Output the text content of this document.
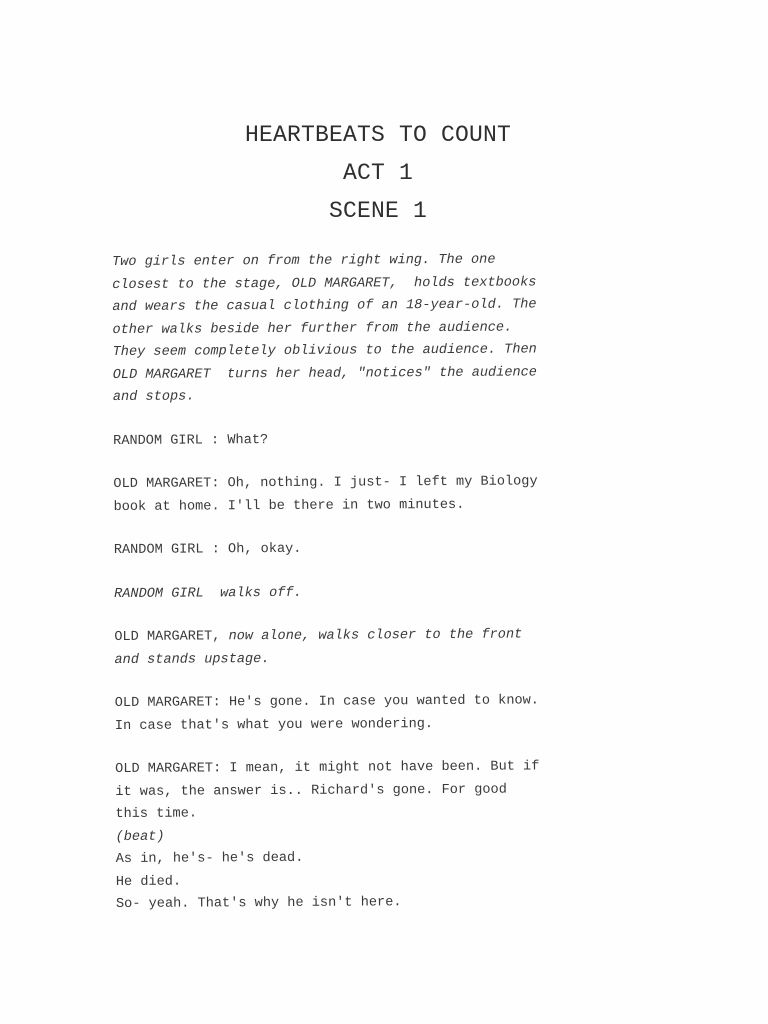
HEARTBEATS TO COUNT
ACT 1
SCENE 1
Two girls enter on from the right wing. The one
closest to the stage, OLD MARGARET,  holds textbooks
and wears the casual clothing of an 18-year-old. The
other walks beside her further from the audience.
They seem completely oblivious to the audience. Then
OLD MARGARET  turns her head, "notices" the audience
and stops.
RANDOM GIRL : What?
OLD MARGARET: Oh, nothing. I just- I left my Biology
book at home. I'll be there in two minutes.
RANDOM GIRL : Oh, okay.
RANDOM GIRL  walks off.
OLD MARGARET, now alone, walks closer to the front
and stands upstage.
OLD MARGARET: He's gone. In case you wanted to know.
In case that's what you were wondering.
OLD MARGARET: I mean, it might not have been. But if
it was, the answer is.. Richard's gone. For good
this time.
(beat)
As in, he's- he's dead.
He died.
So- yeah. That's why he isn't here.
